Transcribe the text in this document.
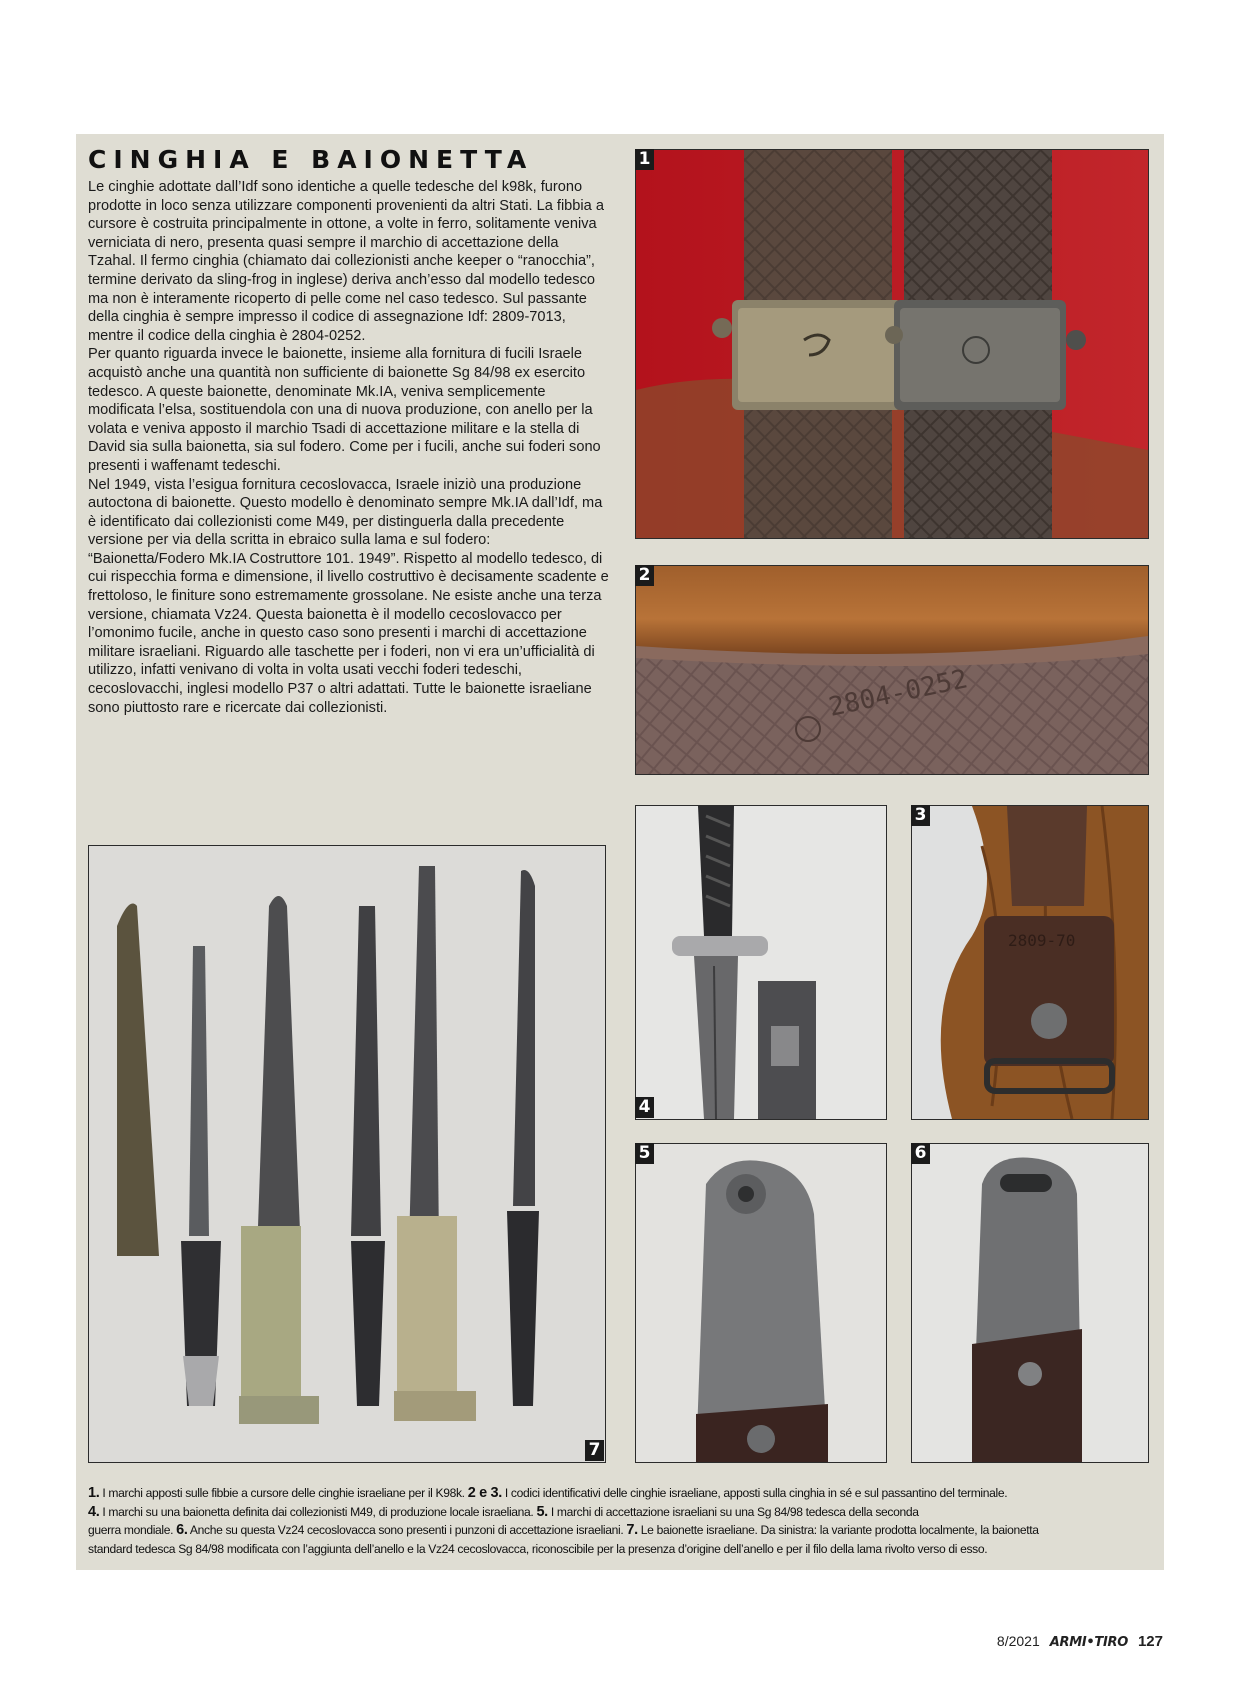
CINGHIA E BAIONETTA

Le cinghie adottate dall’Idf sono identiche a quelle tedesche del k98k, furono prodotte in loco senza utilizzare componenti provenienti da altri Stati. La fibbia a cursore è costruita principalmente in ottone, a volte in ferro, solitamente veniva verniciata di nero, presenta quasi sempre il marchio di accettazione della Tzahal. Il fermo cinghia (chiamato dai collezionisti anche keeper o “ranocchia”, termine derivato da sling-frog in inglese) deriva anch’esso dal modello tedesco ma non è interamente ricoperto di pelle come nel caso tedesco. Sul passante della cinghia è sempre impresso il codice di assegnazione Idf: 2809-7013, mentre il codice della cinghia è 2804-0252.

Per quanto riguarda invece le baionette, insieme alla fornitura di fucili Israele acquistò anche una quantità non sufficiente di baionette Sg 84/98 ex esercito tedesco. A queste baionette, denominate Mk.IA, veniva semplicemente modificata l’elsa, sostituendola con una di nuova produzione, con anello per la volata e veniva apposto il marchio Tsadi di accettazione militare e la stella di David sia sulla baionetta, sia sul fodero. Come per i fucili, anche sui foderi sono presenti i waffenamt tedeschi.

Nel 1949, vista l’esigua fornitura cecoslovacca, Israele iniziò una produzione autoctona di baionette. Questo modello è denominato sempre Mk.IA dall’Idf, ma è identificato dai collezionisti come M49, per distinguerla dalla precedente versione per via della scritta in ebraico sulla lama e sul fodero: “Baionetta/Fodero Mk.IA Costruttore 101. 1949”. Rispetto al modello tedesco, di cui rispecchia forma e dimensione, il livello costruttivo è decisamente scadente e frettoloso, le finiture sono estremamente grossolane. Ne esiste anche una terza versione, chiamata Vz24. Questa baionetta è il modello cecoslovacco per l’omonimo fucile, anche in questo caso sono presenti i marchi di accettazione militare israeliani. Riguardo alle taschette per i foderi, non vi era un’ufficialità di utilizzo, infatti venivano di volta in volta usati vecchi foderi tedeschi, cecoslovacchi, inglesi modello P37 o altri adattati. Tutte le baionette israeliane sono piuttosto rare e ricercate dai collezionisti.

1
2804-0252
2
4
2809-70
3
5	6
7

1. I marchi apposti sulle fibbie a cursore delle cinghie israeliane per il K98k. 2 e 3. I codici identificativi delle cinghie israeliane, apposti sulla cinghia in sé e sul passantino del terminale.

4. I marchi su una baionetta definita dai collezionisti M49, di produzione locale israeliana. 5. I marchi di accettazione israeliani su una Sg 84/98 tedesca della seconda

guerra mondiale. 6. Anche su questa Vz24 cecoslovacca sono presenti i punzoni di accettazione israeliani. 7. Le baionette israeliane. Da sinistra: la variante prodotta localmente, la baionetta

standard tedesca Sg 84/98 modificata con l’aggiunta dell’anello e la Vz24 cecoslovacca, riconoscibile per la presenza d’origine dell’anello e per il filo della lama rivolto verso di esso.

8/2021 ARMI•TIRO 127
